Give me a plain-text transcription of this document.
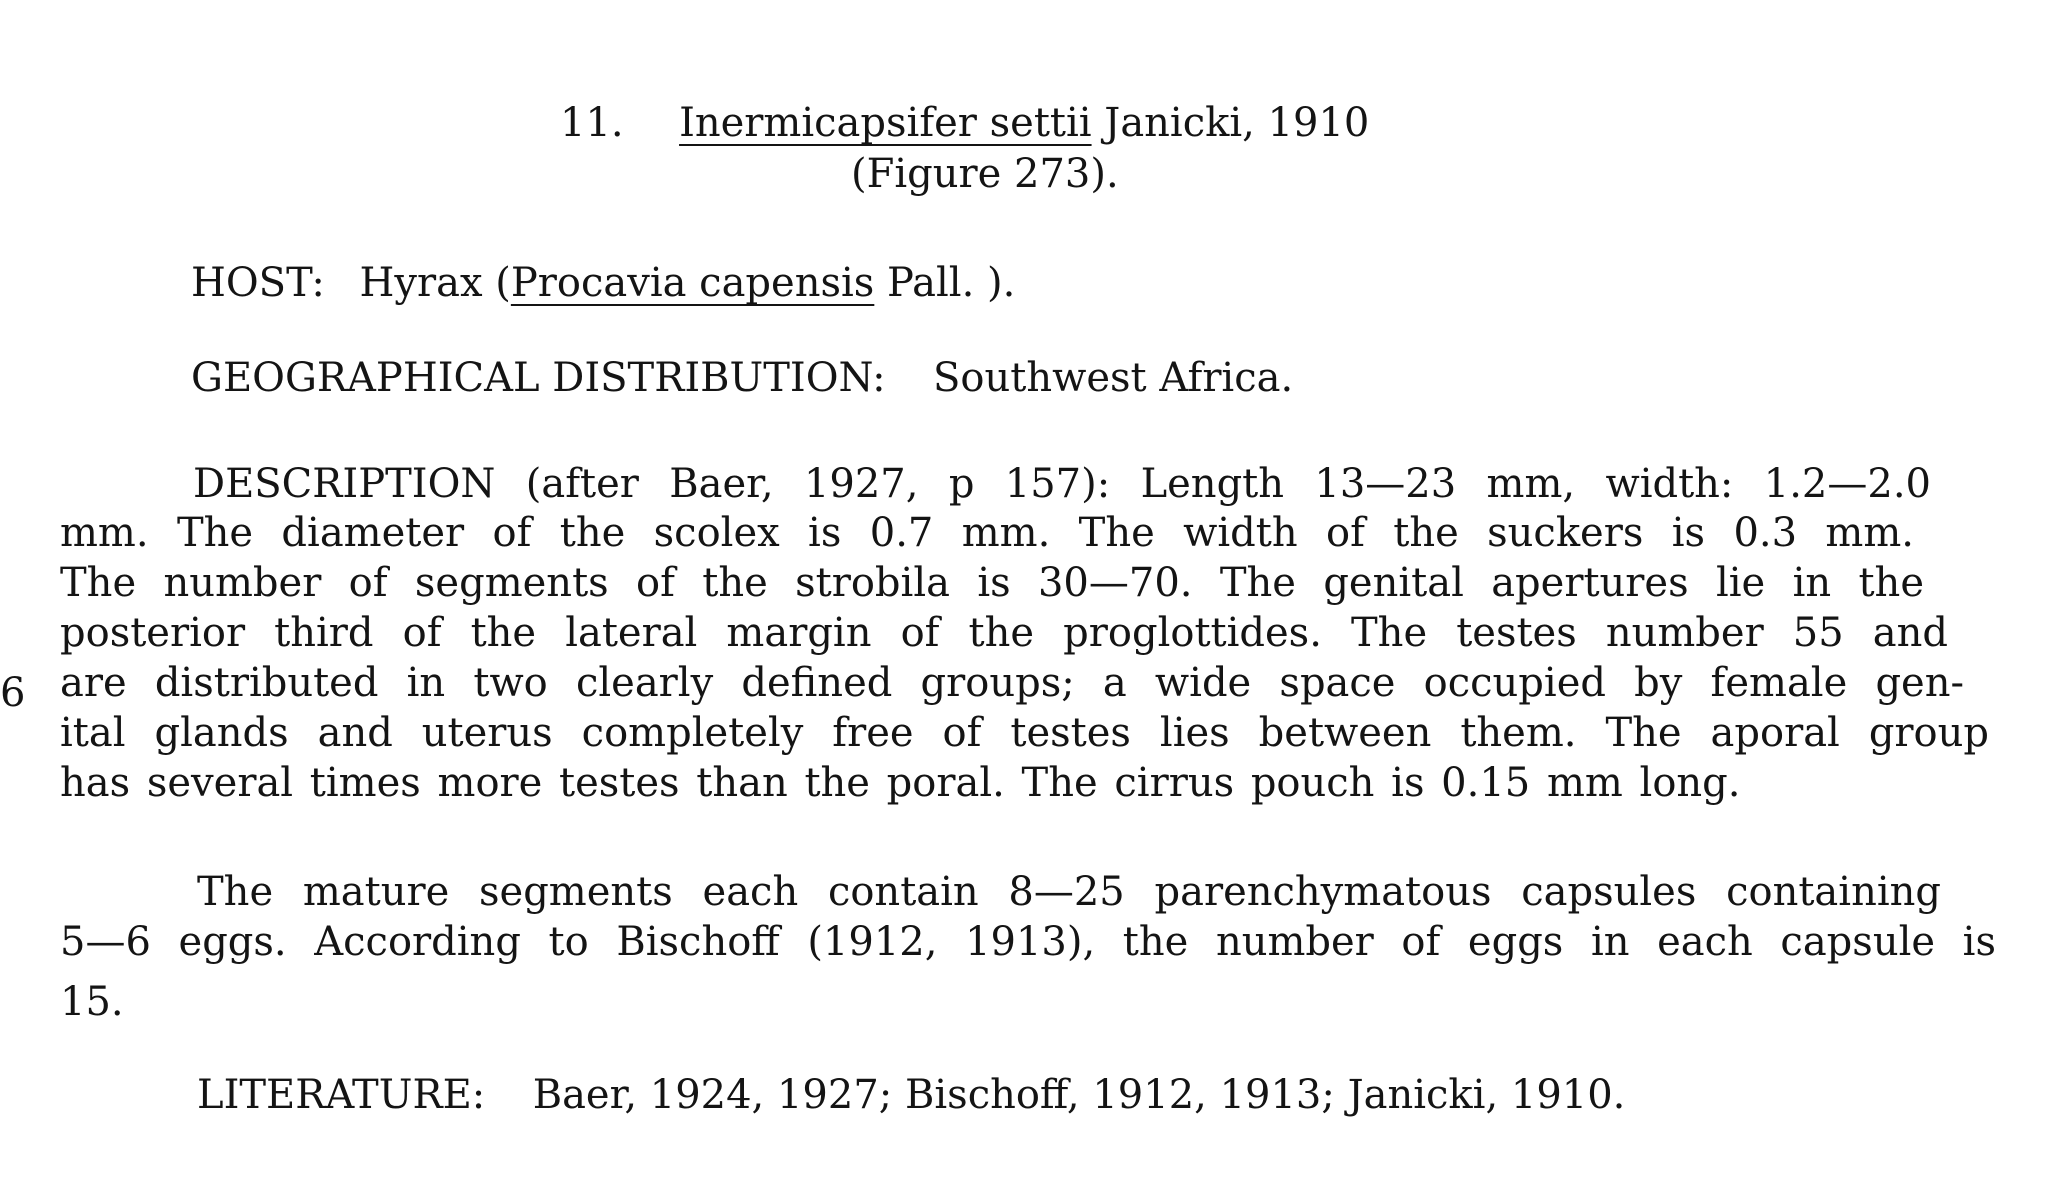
11. Inermicapsifer settii Janicki, 1910
(Figure 273).
HOST: Hyrax (Procavia capensis Pall. ).
GEOGRAPHICAL DISTRIBUTION: Southwest Africa.
DESCRIPTION (after Baer, 1927, p 157): Length 13—23 mm, width: 1.2—2.0
mm. The diameter of the scolex is 0.7 mm. The width of the suckers is 0.3 mm.
The number of segments of the strobila is 30—70. The genital apertures lie in the
posterior third of the lateral margin of the proglottides. The testes number 55 and
are distributed in two clearly defined groups; a wide space occupied by female gen-
ital glands and uterus completely free of testes lies between them. The aporal group
has several times more testes than the poral. The cirrus pouch is 0.15 mm long.
The mature segments each contain 8—25 parenchymatous capsules containing
5—6 eggs. According to Bischoff (1912, 1913), the number of eggs in each capsule is
15.
LITERATURE: Baer, 1924, 1927; Bischoff, 1912, 1913; Janicki, 1910.
6
